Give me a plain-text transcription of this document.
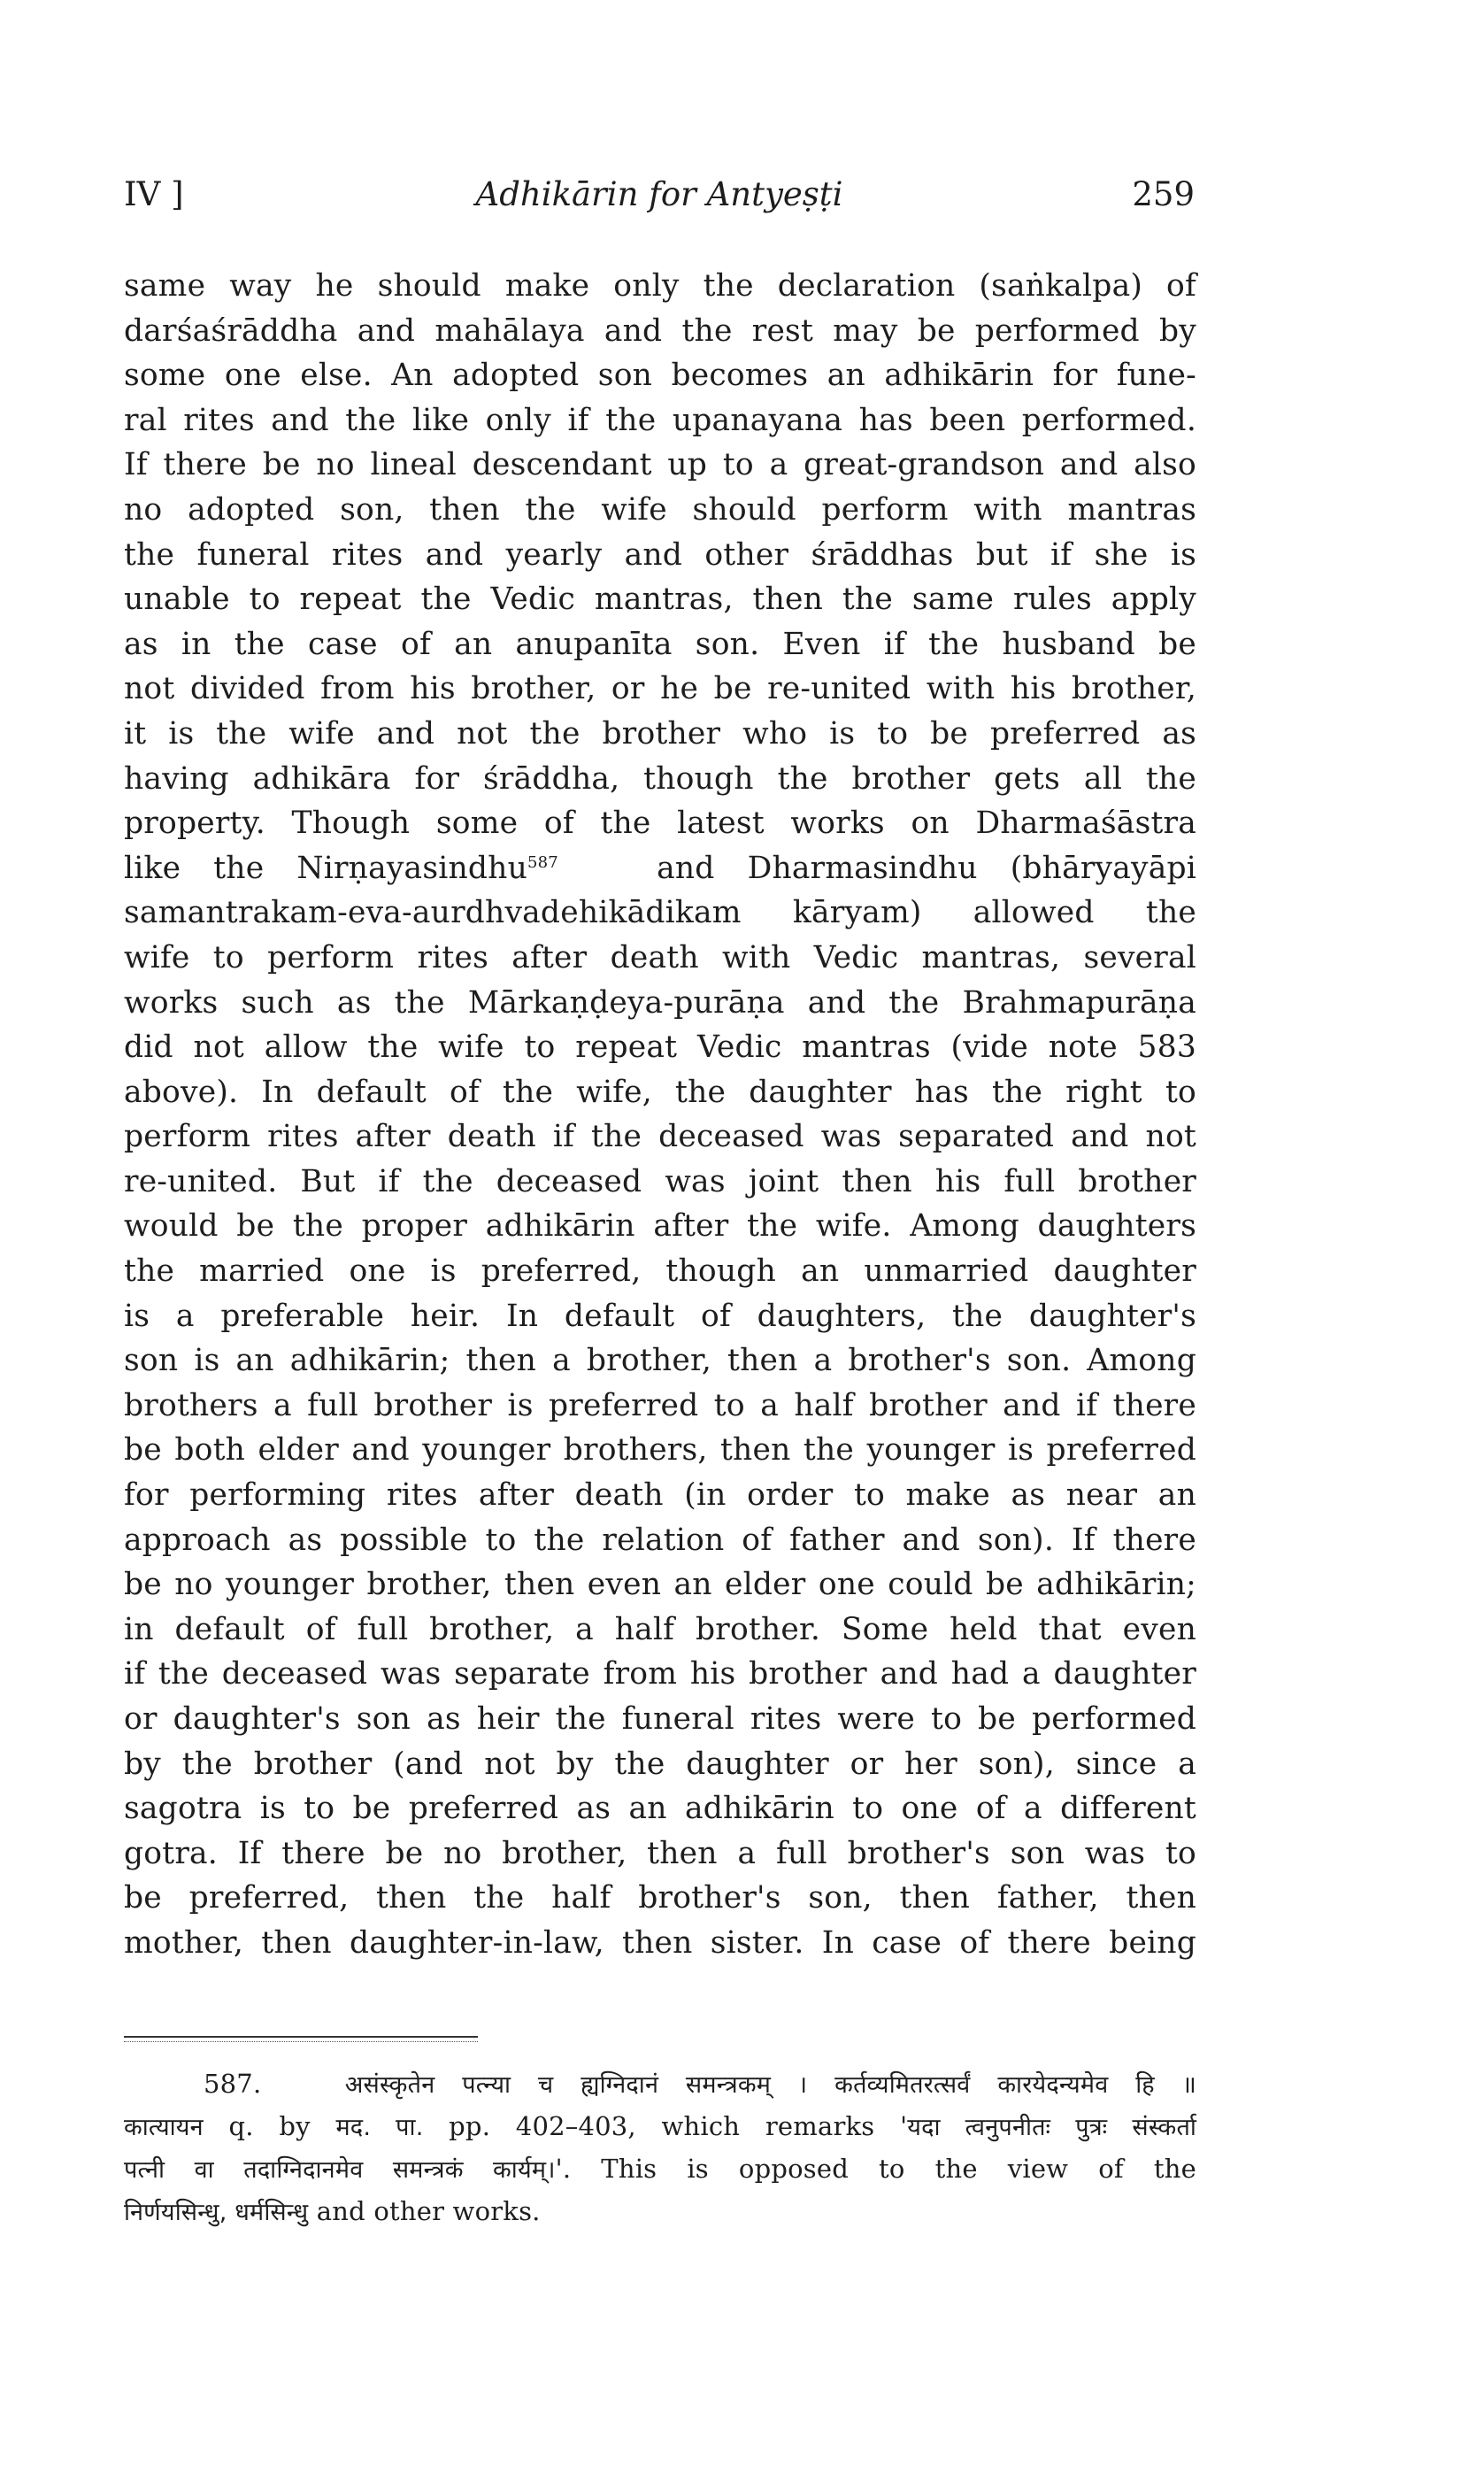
IV ]	Adhikārin for Antyeṣṭi	259
same way he should make only the declaration (saṅkalpa) of
darśaśrāddha and mahālaya and the rest may be performed by
some one else. An adopted son becomes an adhikārin for fune-
ral rites and the like only if the upanayana has been performed.
If there be no lineal descendant up to a great-grandson and also
no adopted son, then the wife should perform with mantras
the funeral rites and yearly and other śrāddhas but if she is
unable to repeat the Vedic mantras, then the same rules apply
as in the case of an anupanīta son. Even if the husband be
not divided from his brother, or he be re-united with his brother,
it is the wife and not the brother who is to be preferred as
having adhikāra for śrāddha, though the brother gets all the
property. Though some of the latest works on Dharmaśāstra
like the Nirṇayasindhu$^{587}$	and Dharmasindhu (bhāryayāpi
samantrakam-eva-aurdhvadehikādikam kāryam) allowed the
wife to perform rites after death with Vedic mantras, several
works such as the Mārkaṇḍeya-purāṇa and the Brahmapurāṇa
did not allow the wife to repeat Vedic mantras (vide note 583
above). In default of the wife, the daughter has the right to
perform rites after death if the deceased was separated and not
re-united. But if the deceased was joint then his full brother
would be the proper adhikārin after the wife. Among daughters
the married one is preferred, though an unmarried daughter
is a preferable heir. In default of daughters, the daughter's
son is an adhikārin; then a brother, then a brother's son. Among
brothers a full brother is preferred to a half brother and if there
be both elder and younger brothers, then the younger is preferred
for performing rites after death (in order to make as near an
approach as possible to the relation of father and son). If there
be no younger brother, then even an elder one could be adhikārin;
in default of full brother, a half brother. Some held that even
if the deceased was separate from his brother and had a daughter
or daughter's son as heir the funeral rites were to be performed
by the brother (and not by the daughter or her son), since a
sagotra is to be preferred as an adhikārin to one of a different
gotra. If there be no brother, then a full brother's son was to
be preferred, then the half brother's son, then father, then
mother, then daughter-in-law, then sister. In case of there being
587.	असंस्कृतेन पत्न्या च ह्यग्निदानं समन्त्रकम् । कर्तव्यमितरत्सर्वं कारयेदन्यमेव हि ॥
कात्यायन q. by मद. पा. pp. 402–403, which remarks 'यदा त्वनुपनीतः पुत्रः संस्कर्ता
पत्नी वा तदाग्निदानमेव समन्त्रकं कार्यम्।'. This is opposed to the view of the
निर्णयसिन्धु, धर्मसिन्धु and other works.
